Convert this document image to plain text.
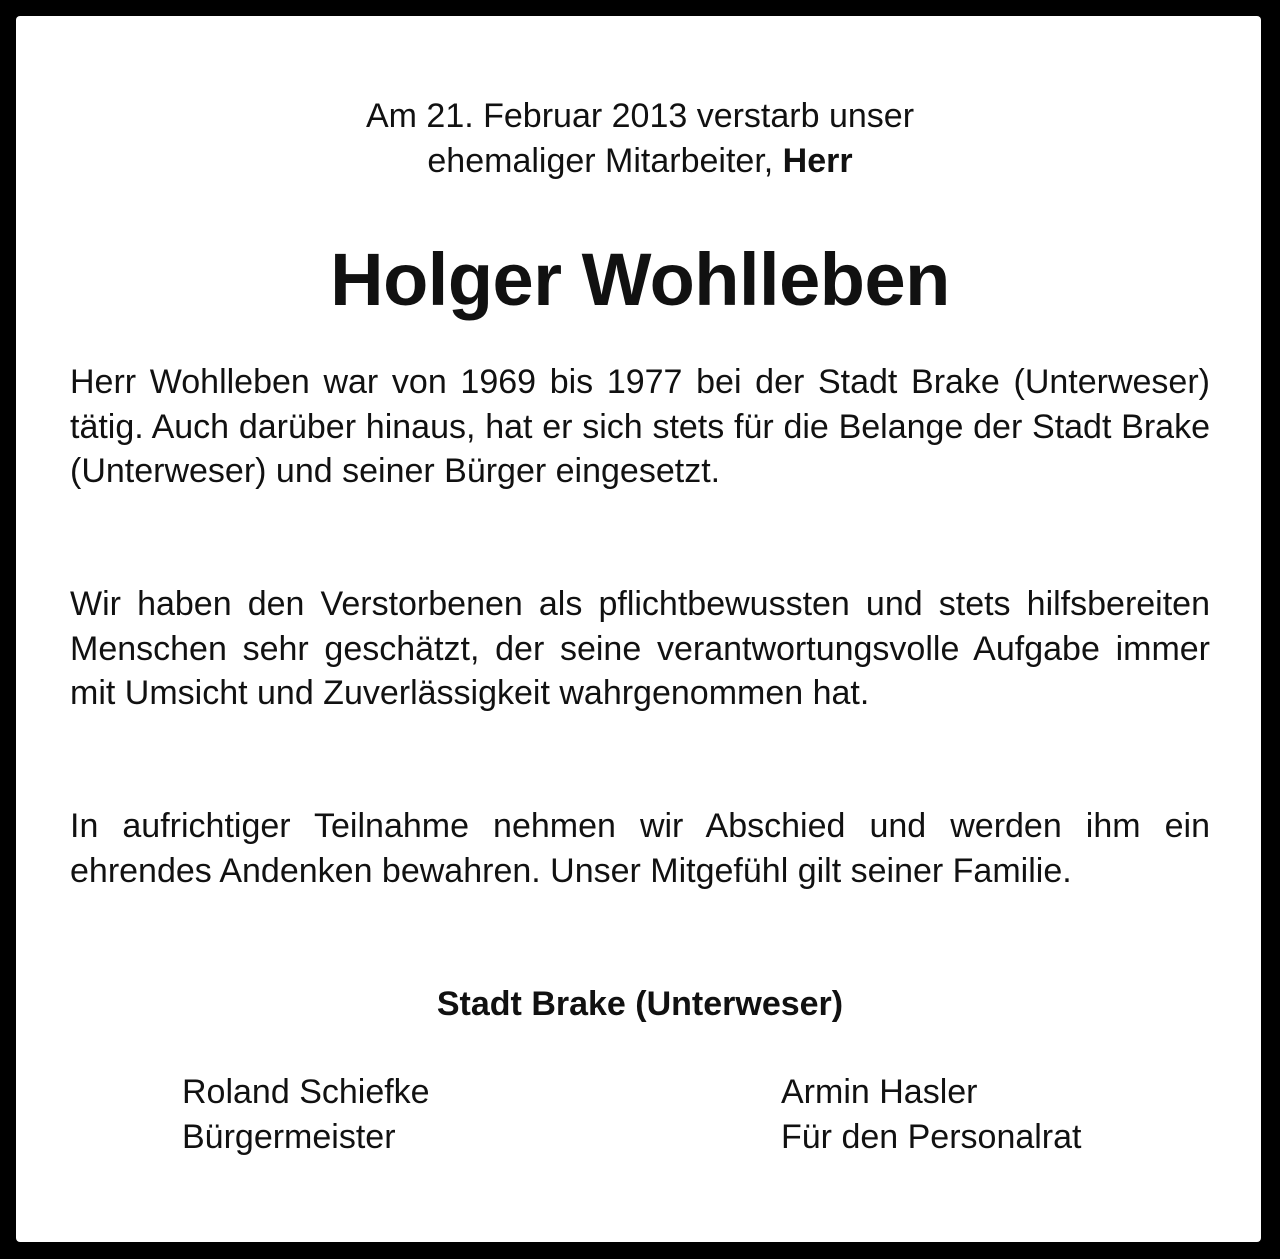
Am 21. Februar 2013 verstarb unser
ehemaliger Mitarbeiter, Herr
Holger Wohlleben

Herr Wohlleben war von 1969 bis 1977 bei der Stadt Brake (Unterweser) tätig. Auch darüber hinaus, hat er sich stets für die Belange der Stadt Brake (Unterweser) und seiner Bürger eingesetzt.

Wir haben den Verstorbenen als pflichtbewussten und stets hilfsbereiten Menschen sehr geschätzt, der seine verantwortungsvolle Aufgabe immer mit Umsicht und Zuverlässigkeit wahrgenommen hat.

In aufrichtiger Teilnahme nehmen wir Abschied und werden ihm ein ehrendes Andenken bewahren. Unser Mitgefühl gilt seiner Familie.

Stadt Brake (Unterweser)
Roland Schiefke
Bürgermeister
Armin Hasler
Für den Personalrat
